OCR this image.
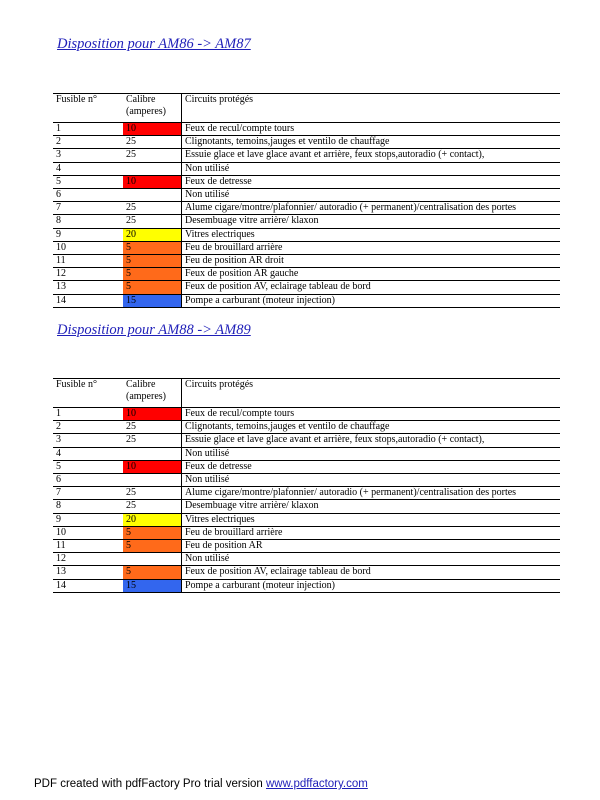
Disposition pour AM86 -> AM87
Fusible n°	Calibre (amperes)	Circuits protégés
1	10	Feux de recul/compte tours
2	25	Clignotants, temoins,jauges et ventilo de chauffage
3	25	Essuie glace et lave glace avant et arrière, feux stops,autoradio (+ contact),
4		Non utilisé
5	10	Feux de detresse
6		Non utilisé
7	25	Alume cigare/montre/plafonnier/ autoradio (+ permanent)/centralisation des portes
8	25	Desembuage vitre arrière/ klaxon
9	20	Vitres electriques
10	5	Feu de brouillard arrière
11	5	Feu de position AR droit
12	5	Feux de position AR gauche
13	5	Feux de position AV, eclairage tableau de bord
14	15	Pompe a carburant (moteur injection)
Disposition pour AM88 -> AM89
Fusible n°	Calibre (amperes)	Circuits protégés
1	10	Feux de recul/compte tours
2	25	Clignotants, temoins,jauges et ventilo de chauffage
3	25	Essuie glace et lave glace avant et arrière, feux stops,autoradio (+ contact),
4		Non utilisé
5	10	Feux de detresse
6		Non utilisé
7	25	Alume cigare/montre/plafonnier/ autoradio (+ permanent)/centralisation des portes
8	25	Desembuage vitre arrière/ klaxon
9	20	Vitres electriques
10	5	Feu de brouillard arrière
11	5	Feu de position AR
12		Non utilisé
13	5	Feux de position AV, eclairage tableau de bord
14	15	Pompe a carburant (moteur injection)
PDF created with pdfFactory Pro trial version www.pdffactory.com
